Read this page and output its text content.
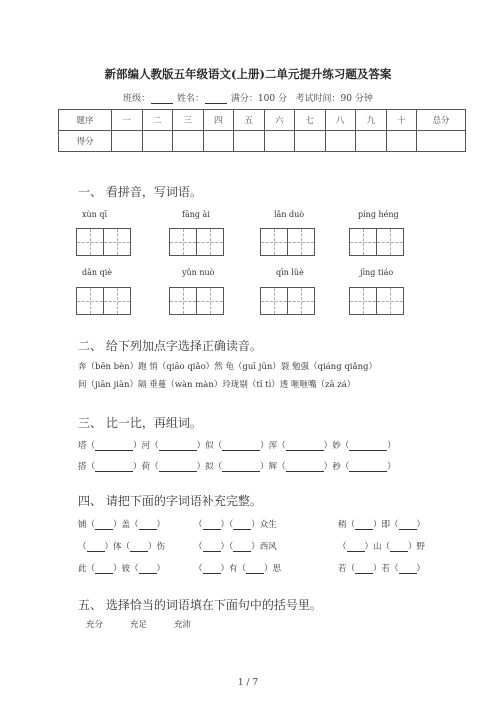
新部编人教版五年级语文(上册)二单元提升练习题及答案
班级：	姓名：	满分：100 分 考试时间：90 分钟
题序	一	二	三	四	五	六	七	八	九	十	总分
得分											
一、 看拼音，写词语。
xùn qī	fāng ài	lǎn duò	píng héng
dǎn qiè	yǔn nuò	qīn lüè	jīng tiáo
二、 给下列加点字选择正确读音。
奔（bēn bèn）跑 悄（qiāo qiǎo）然 龟（guī jūn）裂 勉强（qiáng qiǎng）
间（jiān jiàn）隔 垂蔓（wàn màn）玲珑剔（tī tì）透 咂咂嘴（zā zá）
三、 比一比，再组词。
塔（	）河（	）似（	）浑（	）妙（	）
搭（	）荷（	）拟（	）辉（	）秒（	）
四、 请把下面的字词语补充完整。
铺（ ）盖（ ）	（ ）（ ）众生	稍（ ）即（ ）
（ ）体（ ）伤	（ ）（ ）西风	（ ）山（ ）野
此（ ）彼（ ）	（ ）有（ ）思	若（ ）若（ ）
五、 选择恰当的词语填在下面句中的括号里。
充分	充足	充沛
1 / 7
